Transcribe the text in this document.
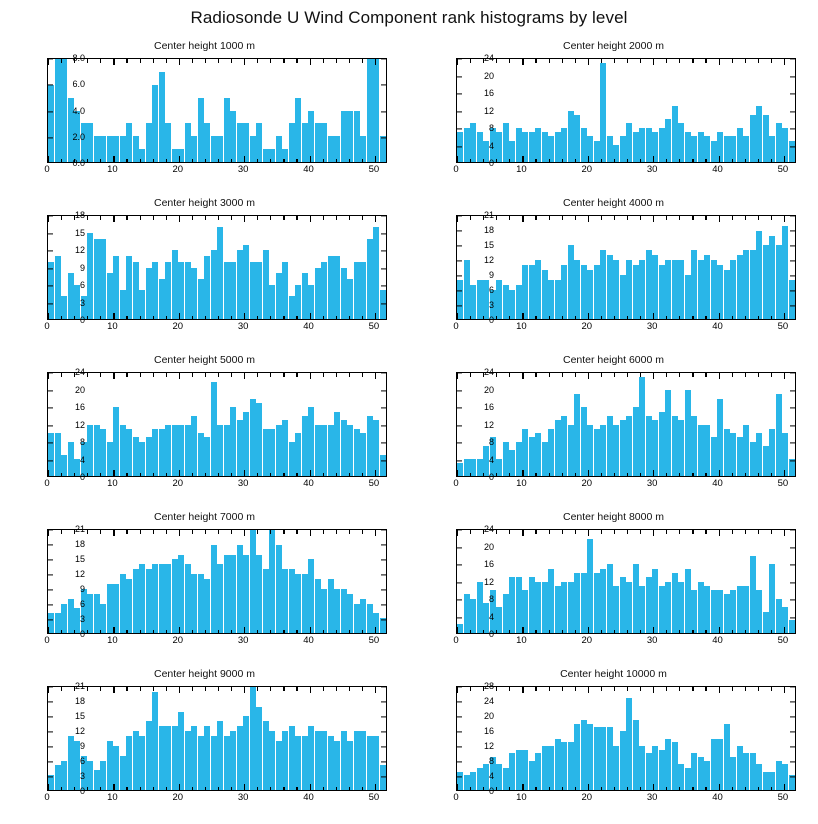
Radiosonde U Wind Component rank histograms by level
Center height 1000 m
0.0
2.0
4.0
6.0
8.0
0	10	20	30	40	50
Center height 2000 m
0
4
8
12
16
20
24
0	10	20	30	40	50
Center height 3000 m
0
3
6
9
12
15
18
0	10	20	30	40	50
Center height 4000 m
0
3
6
9
12
15
18
21
0	10	20	30	40	50
Center height 5000 m
0
4
8
12
16
20
24
0	10	20	30	40	50
Center height 6000 m
0
4
8
12
16
20
24
0	10	20	30	40	50
Center height 7000 m
0
3
6
9
12
15
18
21
0	10	20	30	40	50
Center height 8000 m
0
4
8
12
16
20
24
0	10	20	30	40	50
Center height 9000 m
0
3
6
9
12
15
18
21
0	10	20	30	40	50
Center height 10000 m
0
4
8
12
16
20
24
28
0	10	20	30	40	50
